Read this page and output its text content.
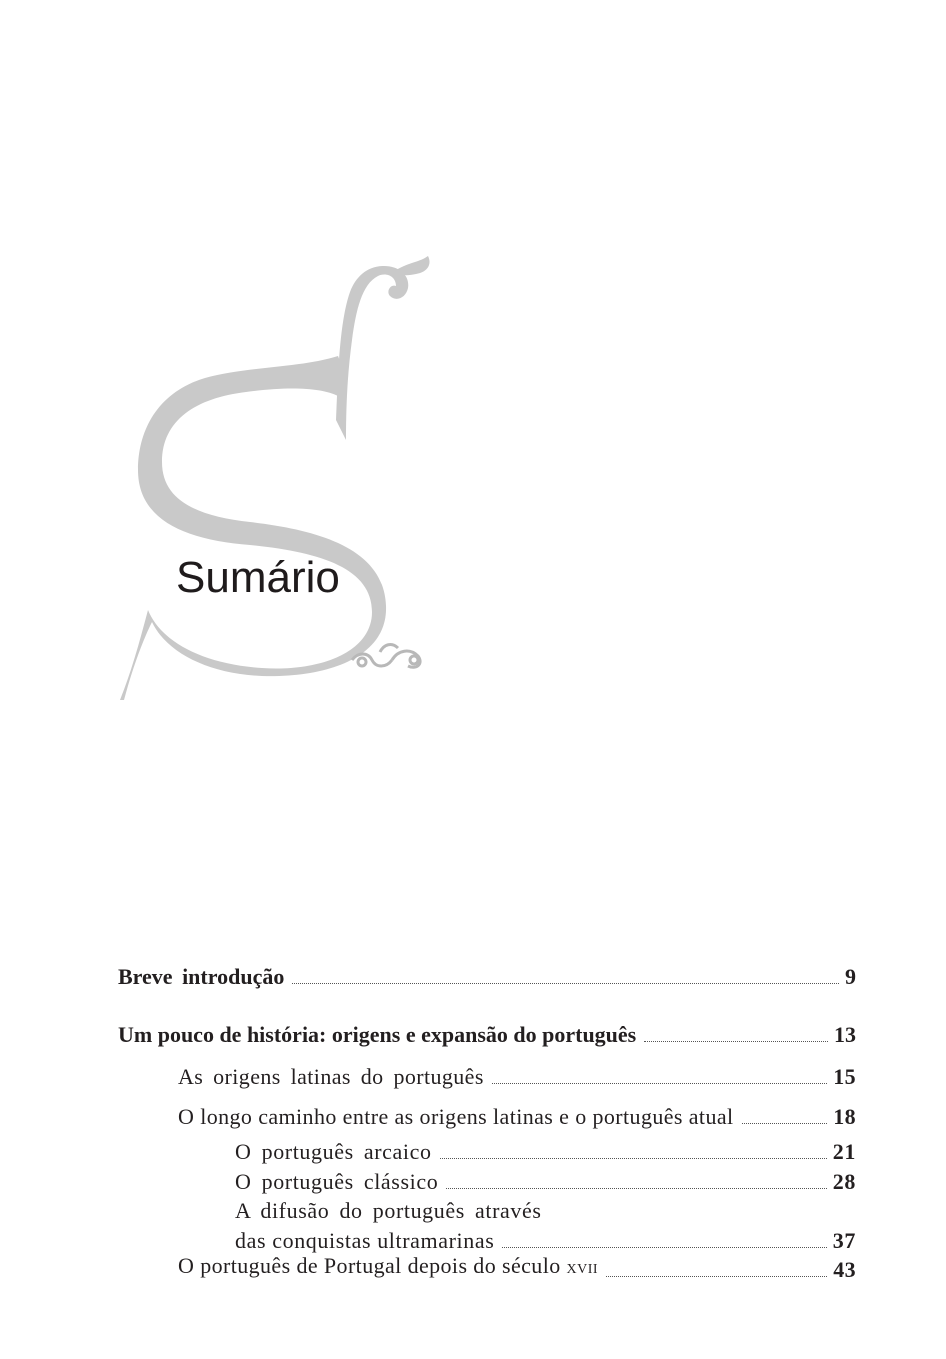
Sumário
Breve introdução	9
Um pouco de história: origens e expansão do português	13
As origens latinas do português	15
O longo caminho entre as origens latinas e o português atual	18
O português arcaico	21
O português clássico	28
A difusão do português através
das conquistas ultramarinas	37
O português de Portugal depois do século XVII	43
